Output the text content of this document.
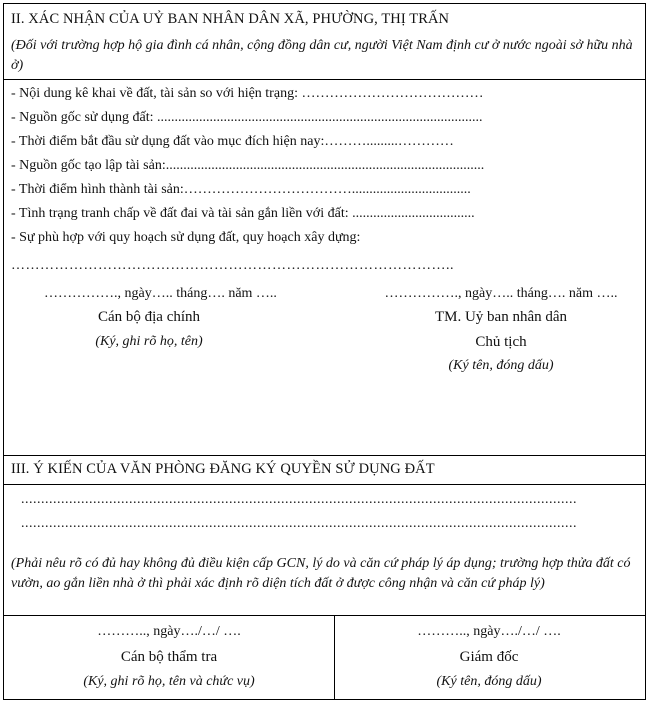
II. XÁC NHẬN CỦA UỶ BAN NHÂN DÂN XÃ, PHƯỜNG, THỊ TRẤN
(Đối với trường hợp hộ gia đình cá nhân, cộng đồng dân cư, người Việt Nam định cư ở nước ngoài sở hữu nhà ở)
- Nội dung kê khai về đất, tài sản so với hiện trạng: …………………………………
- Nguồn gốc sử dụng đất: .............................................................................................
- Thời điểm bắt đầu sử dụng đất vào mục đích hiện nay:……….........…………
- Nguồn gốc tạo lập tài sản:...........................................................................................
- Thời điểm hình thành tài sản:………………………………..................................
- Tình trạng tranh chấp về đất đai và tài sản gắn liền với đất: ...................................
- Sự phù hợp với quy hoạch sử dụng đất, quy hoạch xây dựng:
………………………………………………………………………………..
……………., ngày….. tháng…. năm …..
Cán bộ địa chính
(Ký, ghi rõ họ, tên)
……………., ngày….. tháng…. năm …..
TM. Uỷ ban nhân dân
Chủ tịch
(Ký tên, đóng dấu)
III. Ý KIẾN CỦA VĂN PHÒNG ĐĂNG KÝ QUYỀN SỬ DỤNG ĐẤT
...........................................................................................................................................
...........................................................................................................................................
(Phải nêu rõ có đủ hay không đủ điều kiện cấp GCN, lý do và căn cứ pháp lý áp dụng; trường hợp thửa đất có vườn, ao gắn liền nhà ở thì phải xác định rõ diện tích đất ở được công nhận và căn cứ pháp lý)
……….., ngày…./…/ ….
Cán bộ thẩm tra
(Ký, ghi rõ họ, tên và chức vụ)
……….., ngày…./…/ ….
Giám đốc
(Ký tên, đóng dấu)
